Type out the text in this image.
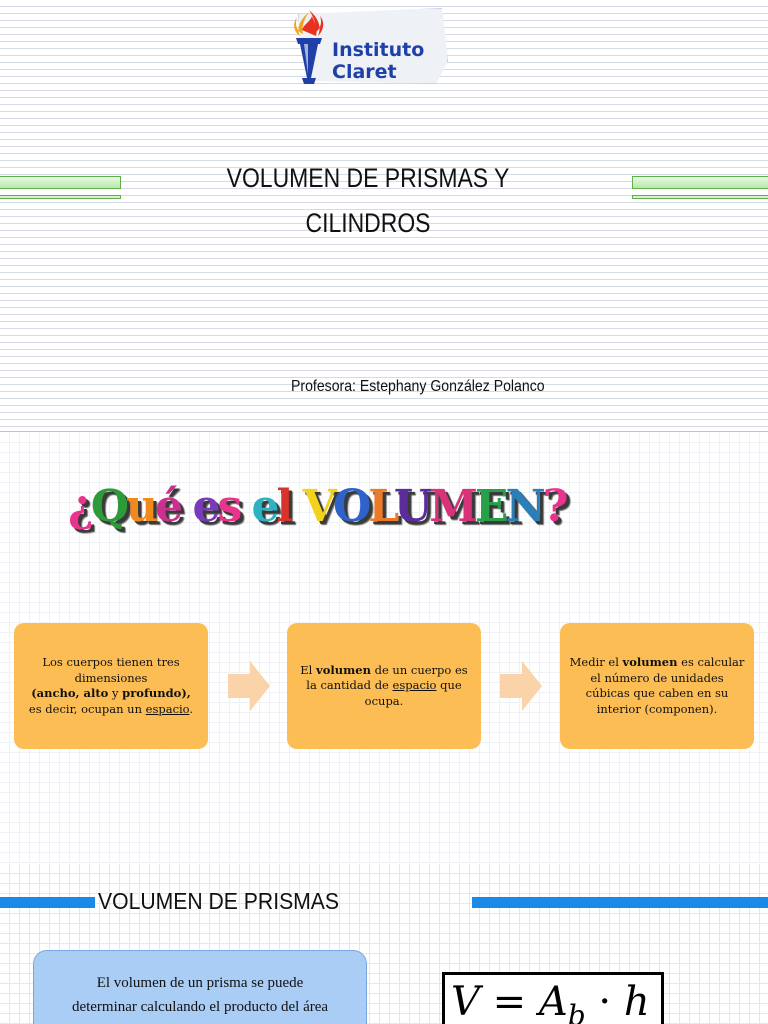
Instituto
Claret
VOLUMEN DE PRISMAS Y
CILINDROS
Profesora: Estephany González Polanco
¿Qué es el VOLUMEN?
Los cuerpos tienen tres dimensiones
(ancho, alto y profundo),
es decir, ocupan un espacio.
El volumen de un cuerpo es la cantidad de espacio que ocupa.
Medir el volumen es calcular el número de unidades cúbicas que caben en su interior (componen).
VOLUMEN DE PRISMAS
El volumen de un prisma se puede
determinar calculando el producto del área	$V = A_b \cdot h$
